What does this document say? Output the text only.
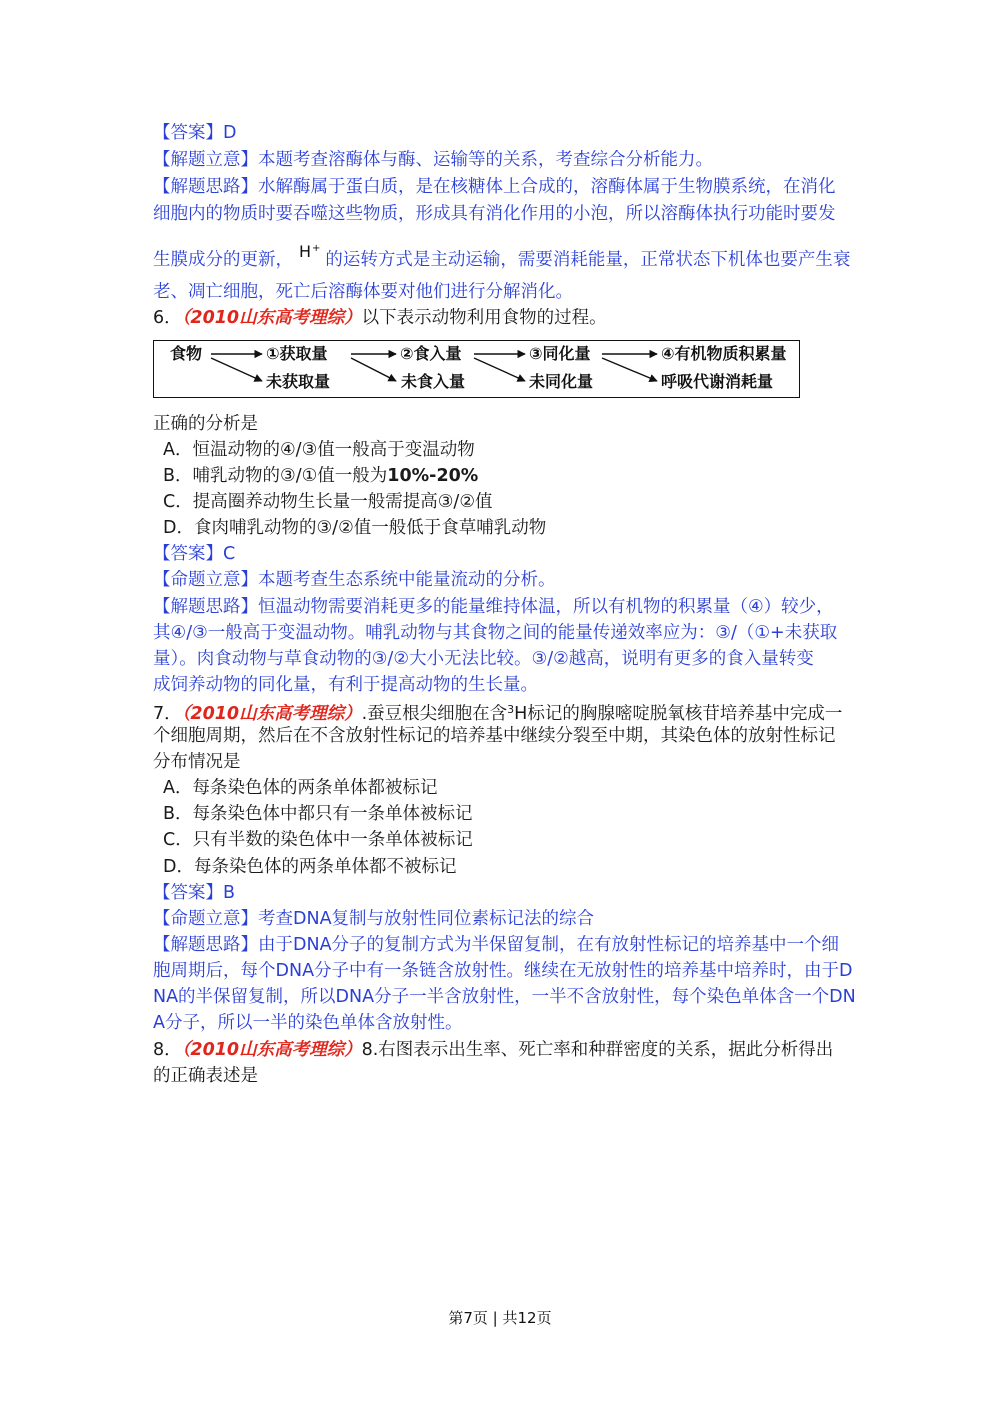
【答案】D
【解题立意】本题考查溶酶体与酶、运输等的关系，考查综合分析能力。
【解题思路】水解酶属于蛋白质，是在核糖体上合成的，溶酶体属于生物膜系统，在消化
细胞内的物质时要吞噬这些物质，形成具有消化作用的小泡，所以溶酶体执行功能时要发
生膜成分的更新， H+的运转方式是主动运输，需要消耗能量，正常状态下机体也要产生衰
老、凋亡细胞，死亡后溶酶体要对他们进行分解消化。
6．（2010山东高考理综）以下表示动物利用食物的过程。
食物	①获取量
未获取量
②食入量
未食入量
③同化量
未同化量
④有机物质积累量
呼吸代谢消耗量
正确的分析是
A．恒温动物的④/③值一般高于变温动物
B．哺乳动物的③/①值一般为10%-20%
C．提高圈养动物生长量一般需提高③/②值
D．食肉哺乳动物的③/②值一般低于食草哺乳动物
【答案】C
【命题立意】本题考查生态系统中能量流动的分析。
【解题思路】恒温动物需要消耗更多的能量维持体温，所以有机物的积累量（④）较少，
其④/③一般高于变温动物。哺乳动物与其食物之间的能量传递效率应为：③/（①+未获取
量）。肉食动物与草食动物的③/②大小无法比较。③/②越高，说明有更多的食入量转变
成饲养动物的同化量，有利于提高动物的生长量。
7．（2010山东高考理综）.蚕豆根尖细胞在含$^3$H标记的胸腺嘧啶脱氧核苷培养基中完成一
个细胞周期，然后在不含放射性标记的培养基中继续分裂至中期，其染色体的放射性标记
分布情况是
A．每条染色体的两条单体都被标记
B．每条染色体中都只有一条单体被标记
C．只有半数的染色体中一条单体被标记
D．每条染色体的两条单体都不被标记
【答案】B
【命题立意】考查DNA复制与放射性同位素标记法的综合
【解题思路】由于DNA分子的复制方式为半保留复制，在有放射性标记的培养基中一个细
胞周期后，每个DNA分子中有一条链含放射性。继续在无放射性的培养基中培养时，由于D
NA的半保留复制，所以DNA分子一半含放射性，一半不含放射性，每个染色单体含一个DN
A分子，所以一半的染色单体含放射性。
8．（2010山东高考理综）8.右图表示出生率、死亡率和种群密度的关系，据此分析得出
的正确表述是
第7页 | 共12页
